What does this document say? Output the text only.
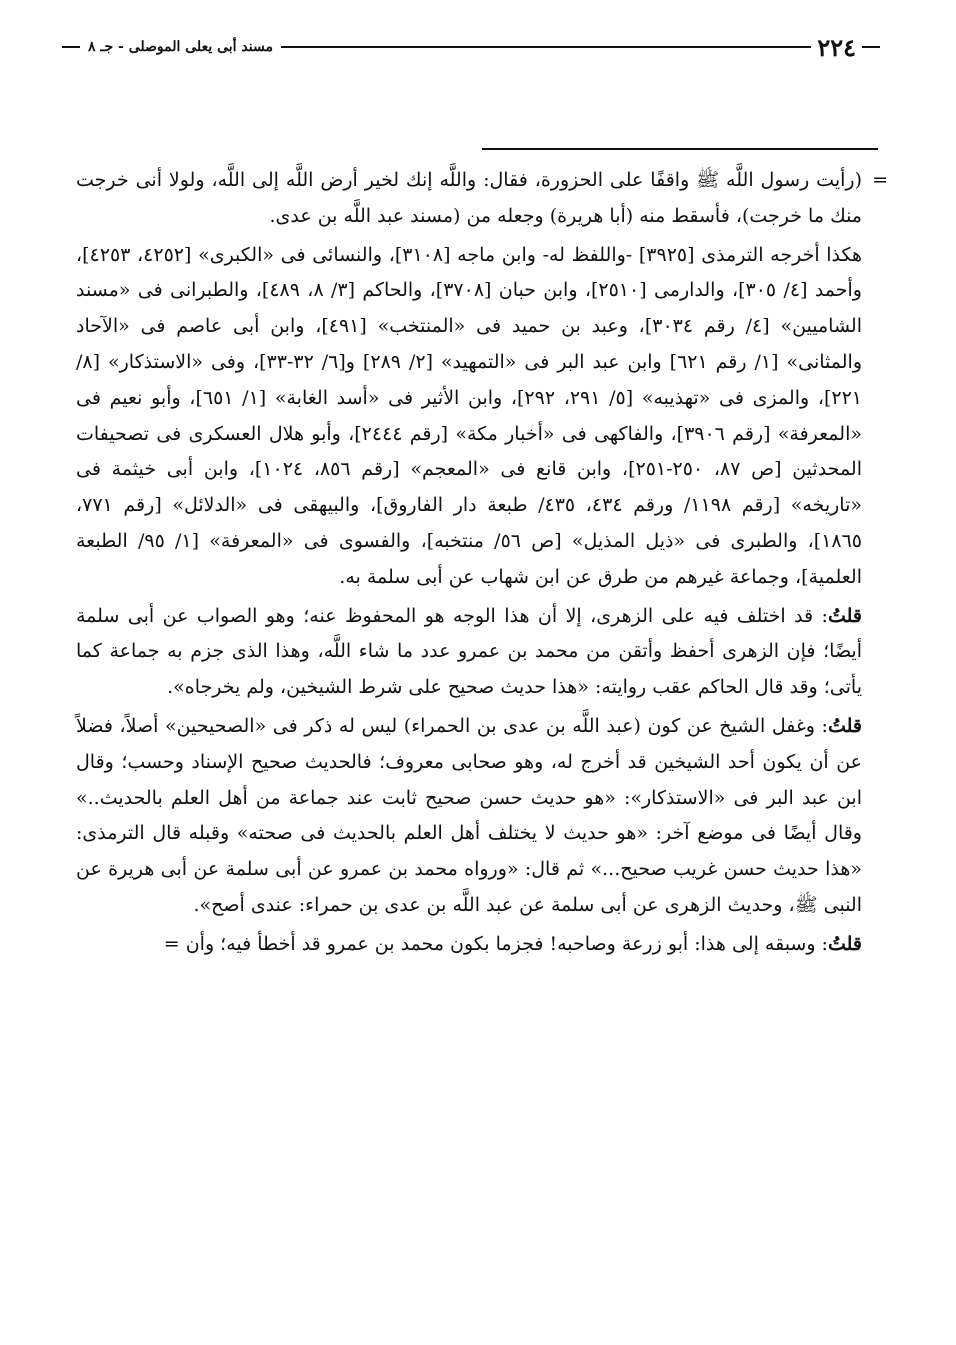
٢٢٤
مسند أبى يعلى الموصلى - جـ ٨

=
(رأيت رسول اللَّه ﷺ واقفًا على الحزورة، فقال: واللَّه إنك لخير أرض اللَّه إلى اللَّه، ولولا أنى خرجت منك ما خرجت)، فأسقط منه (أبا هريرة) وجعله من (مسند عبد اللَّه بن عدى.

هكذا أخرجه الترمذى [٣٩٢٥] -واللفظ له- وابن ماجه [٣١٠٨]، والنسائى فى «الكبرى» [٤٢٥٢، ٤٢٥٣]، وأحمد [٤/ ٣٠٥]، والدارمى [٢٥١٠]، وابن حبان [٣٧٠٨]، والحاكم [٣/ ٨، ٤٨٩]، والطبرانى فى «مسند الشاميين» [٤/ رقم ٣٠٣٤]، وعبد بن حميد فى «المنتخب» [٤٩١]، وابن أبى عاصم فى «الآحاد والمثانى» [١/ رقم ٦٢١] وابن عبد البر فى «التمهيد» [٢/ ٢٨٩] و[٦/ ٣٢-٣٣]، وفى «الاستذكار» [٨/ ٢٢١]، والمزى فى «تهذيبه» [٥/ ٢٩١، ٢٩٢]، وابن الأثير فى «أسد الغابة» [١/ ٦٥١]، وأبو نعيم فى «المعرفة» [رقم ٣٩٠٦]، والفاكهى فى «أخبار مكة» [رقم ٢٤٤٤]، وأبو هلال العسكرى فى تصحيفات المحدثين [ص ٨٧، ٢٥٠-٢٥١]، وابن قانع فى «المعجم» [رقم ٨٥٦، ١٠٢٤]، وابن أبى خيثمة فى «تاريخه» [رقم ١١٩٨/ ورقم ٤٣٤، ٤٣٥/ طبعة دار الفاروق]، والبيهقى فى «الدلائل» [رقم ٧٧١، ١٨٦٥]، والطبرى فى «ذيل المذيل» [ص ٥٦/ منتخبه]، والفسوى فى «المعرفة» [١/ ٩٥/ الطبعة العلمية]، وجماعة غيرهم من طرق عن ابن شهاب عن أبى سلمة به.

قلتُ: قد اختلف فيه على الزهرى، إلا أن هذا الوجه هو المحفوظ عنه؛ وهو الصواب عن أبى سلمة أيضًا؛ فإن الزهرى أحفظ وأتقن من محمد بن عمرو عدد ما شاء اللَّه، وهذا الذى جزم به جماعة كما يأتى؛ وقد قال الحاكم عقب روايته: «هذا حديث صحيح على شرط الشيخين، ولم يخرجاه».

قلتُ: وغفل الشيخ عن كون (عبد اللَّه بن عدى بن الحمراء) ليس له ذكر فى «الصحيحين» أصلاً، فضلاً عن أن يكون أحد الشيخين قد أخرج له، وهو صحابى معروف؛ فالحديث صحيح الإسناد وحسب؛ وقال ابن عبد البر فى «الاستذكار»: «هو حديث حسن صحيح ثابت عند جماعة من أهل العلم بالحديث..» وقال أيضًا فى موضع آخر: «هو حديث لا يختلف أهل العلم بالحديث فى صحته» وقبله قال الترمذى: «هذا حديث حسن غريب صحيح...» ثم قال: «ورواه محمد بن عمرو عن أبى سلمة عن أبى هريرة عن النبى ﷺ، وحديث الزهرى عن أبى سلمة عن عبد اللَّه بن عدى بن حمراء: عندى أصح».

قلتُ: وسبقه إلى هذا: أبو زرعة وصاحبه! فجزما بكون محمد بن عمرو قد أخطأ فيه؛ وأن =
